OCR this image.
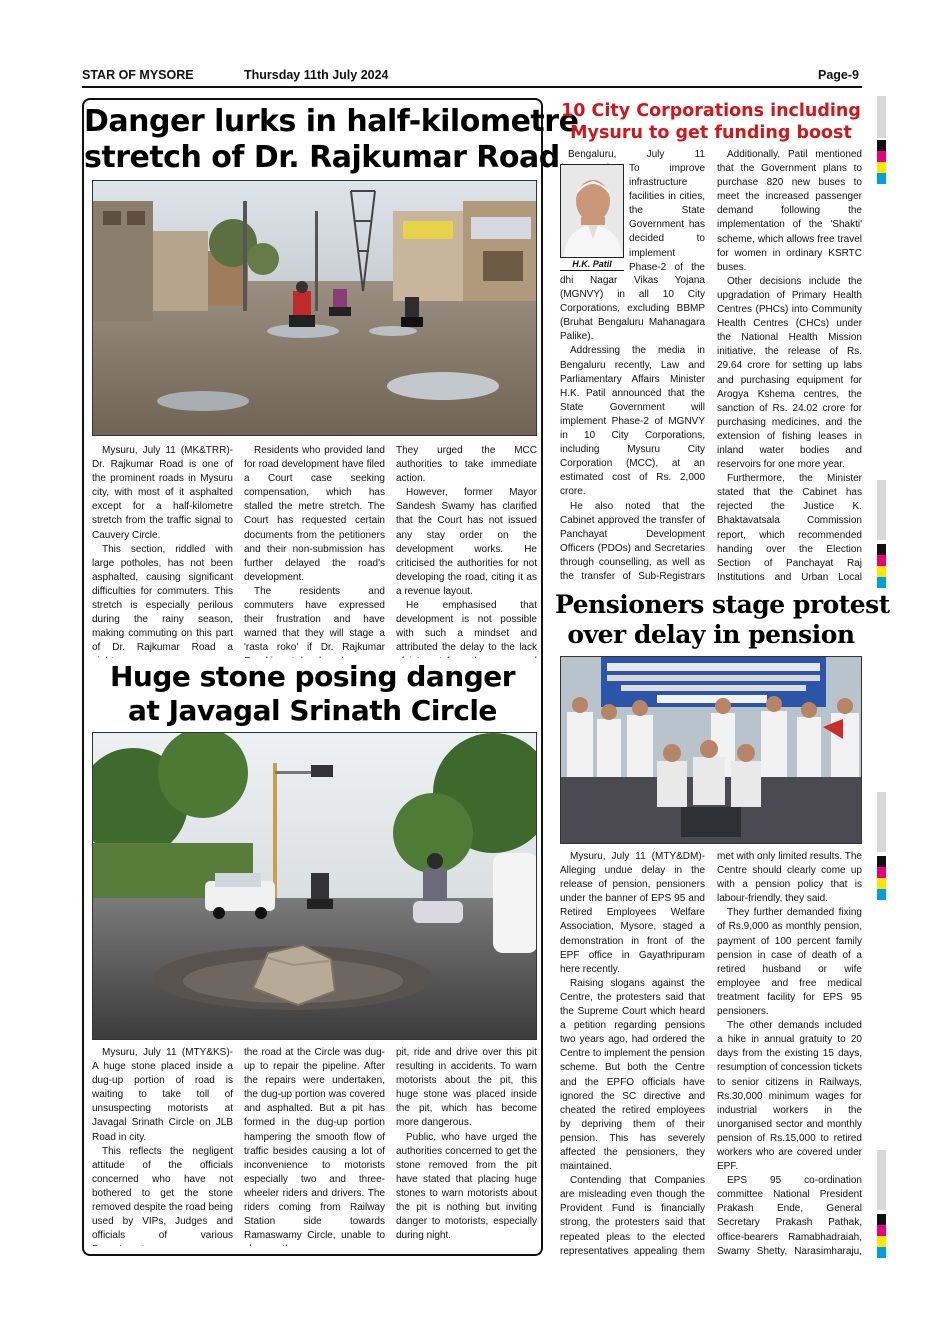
STAR OF MYSORE	Thursday 11th July 2024	Page-9
Danger lurks in half-kilometre
stretch of Dr. Rajkumar Road

Mysuru, July 11 (MK&TRR)- Dr. Rajkumar Road is one of the prominent roads in Mysuru city, with most of it asphalted except for a half-kilometre stretch from the traffic signal to Cauvery Circle.

This section, riddled with large potholes, has not been asphalted, causing significant difficulties for commuters. This stretch is especially perilous during the rainy season, making commuting on this part of Dr. Rajkumar Road a

Residents who provided land for road development have filed a Court case seeking compensation, which has stalled the metre stretch. The Court has requested certain documents from the petitioners and their non-submission has further delayed the road's development.

The residents and commuters have expressed their frustration and have warned that they will stage a 'rasta roko' if Dr. Rajkumar

They urged the MCC authorities to take immediate action.

However, former Mayor Sandesh Swamy has clarified that the Court has not issued any stay order on the development works. He criticised the authorities for not developing the road, citing it as a revenue layout.

He emphasised that development is not possible with such a mindset and attributed the delay to the lack

Huge stone posing danger
at Javagal Srinath Circle

Mysuru, July 11 (MTY&KS)- A huge stone placed inside a dug-up portion of road is waiting to take toll of unsuspecting motorists at Javagal Srinath Circle on JLB Road in city.

This reflects the negligent attitude of the officials concerned who have not bothered to get the stone removed despite the road being used by VIPs, Judges and officials of various

the road at the Circle was dug-up to repair the pipeline. After the repairs were undertaken, the dug-up portion was covered and asphalted. But a pit has formed in the dug-up portion hampering the smooth flow of traffic besides causing a lot of inconvenience to motorists especially two and three-wheeler riders and drivers. The riders coming from Railway Station side towards Ramaswamy Circle, unable to

pit, ride and drive over this pit resulting in accidents. To warn motorists about the pit, this huge stone was placed inside the pit, which has become more dangerous.

Public, who have urged the authorities concerned to get the stone removed from the pit have stated that placing huge stones to warn motorists about the pit is nothing but inviting danger to motorists, especially during night.

10 City Corporations including
Mysuru to get funding boost

Bengaluru, July 11

H.K. Patil

To improve infrastructure facilities in cities, the State Government has decided to implement Phase-2 of the

dhi Nagar Vikas Yojana (MGNVY) in all 10 City Corporations, excluding BBMP (Bruhat Bengaluru Mahanagara Palike).

Addressing the media in Bengaluru recently, Law and Parliamentary Affairs Minister H.K. Patil announced that the State Government will implement Phase-2 of MGNVY in 10 City Corporations, including Mysuru City Corporation (MCC), at an estimated cost of Rs. 2,000 crore.

He also noted that the Cabinet approved the transfer of Panchayat Development Officers (PDOs) and Secretaries through counselling, as well as the transfer of Sub-Registrars

Additionally, Patil mentioned that the Government plans to purchase 820 new buses to meet the increased passenger demand following the implementation of the 'Shakti' scheme, which allows free travel for women in ordinary KSRTC buses.

Other decisions include the upgradation of Primary Health Centres (PHCs) into Community Health Centres (CHCs) under the National Health Mission initiative, the release of Rs. 29.64 crore for setting up labs and purchasing equipment for Arogya Kshema centres, the sanction of Rs. 24.02 crore for purchasing medicines, and the extension of fishing leases in inland water bodies and reservoirs for one more year.

Furthermore, the Minister stated that the Cabinet has rejected the Justice K. Bhaktavatsala Commission report, which recommended handing over the Election Section of Panchayat Raj Institutions and Urban Local

Pensioners stage protest
over delay in pension

Mysuru, July 11 (MTY&DM)- Alleging undue delay in the release of pension, pensioners under the banner of EPS 95 and Retired Employees Welfare Association, Mysore, staged a demonstration in front of the EPF office in Gayathripuram here recently.

Raising slogans against the Centre, the protesters said that the Supreme Court which heard a petition regarding pensions two years ago, had ordered the Centre to implement the pension scheme. But both the Centre and the EPFO officials have ignored the SC directive and cheated the retired employees by depriving them of their pension. This has severely affected the pensioners, they maintained.

Contending that Companies are misleading even though the Provident Fund is financially strong, the protesters said that repeated pleas to the elected representatives appealing them

met with only limited results. The Centre should clearly come up with a pension policy that is labour-friendly, they said.

They further demanded fixing of Rs.9,000 as monthly pension, payment of 100 percent family pension in case of death of a retired husband or wife employee and free medical treatment facility for EPS 95 pensioners.

The other demands included a hike in annual gratuity to 20 days from the existing 15 days, resumption of concession tickets to senior citizens in Railways, Rs.30,000 minimum wages for industrial workers in the unorganised sector and monthly pension of Rs.15,000 to retired workers who are covered under EPF.

EPS 95 co-ordination committee National President Prakash Ende, General Secretary Prakash Pathak, office-bearers Ramabhadraiah, Swamy Shetty, Narasimharaju,
